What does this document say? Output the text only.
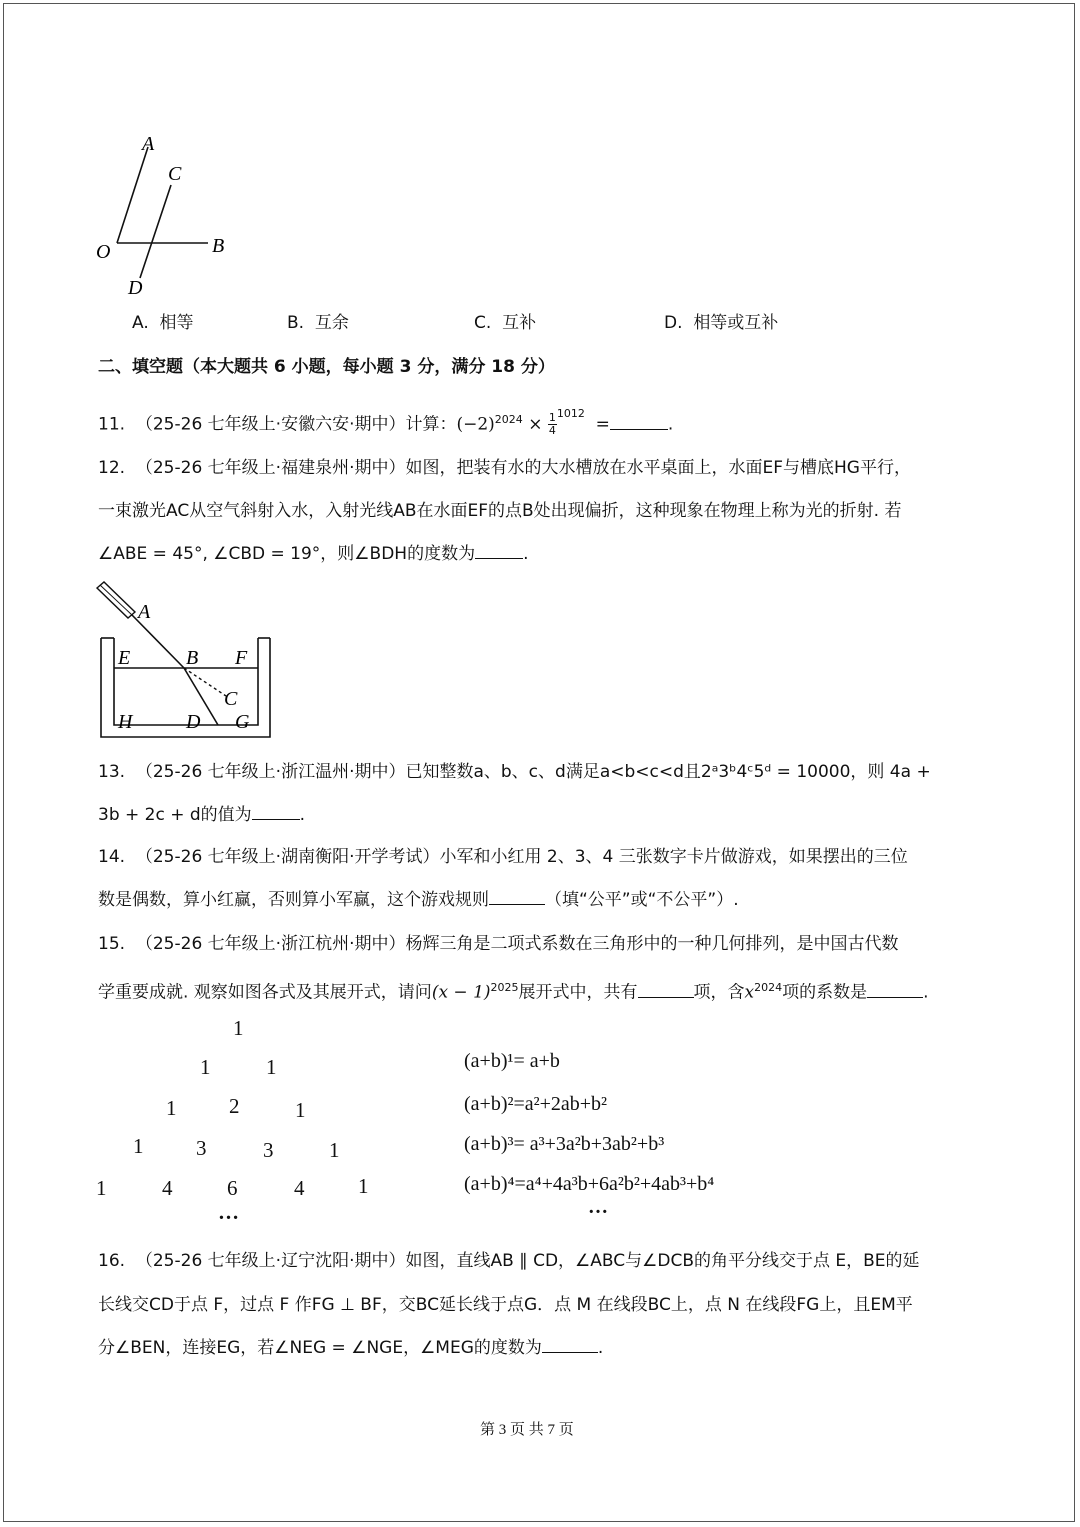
A
C
O	B
D
A. 相等	B. 互余	C. 互补	D. 相等或互补
二、填空题（本大题共 6 小题，每小题 3 分，满分 18 分）
11. （25-26 七年级上·安徽六安·期中）计算：$(-2)^{2024} \times \frac{1}{4} ^{1012}$  =	.
12. （25-26 七年级上·福建泉州·期中）如图，把装有水的大水槽放在水平桌面上，水面EF与槽底HG平行，
一束激光AC从空气斜射入水，入射光线AB在水面EF的点B处出现偏折，这种现象在物理上称为光的折射. 若
∠ABE = 45°, ∠CBD = 19°，则∠BDH的度数为	.
A
E	B F
C
H	D G
13. （25-26 七年级上·浙江温州·期中）已知整数a、b、c、d满足a<b<c<d且2ᵃ3ᵇ4ᶜ5ᵈ = 10000，则 4a +
3b + 2c + d的值为	.
14. （25-26 七年级上·湖南衡阳·开学考试）小军和小红用 2、3、4 三张数字卡片做游戏，如果摆出的三位
数是偶数，算小红赢，否则算小军赢，这个游戏规则	（填“公平”或“不公平”）.
15. （25-26 七年级上·浙江杭州·期中）杨辉三角是二项式系数在三角形中的一种几何排列，是中国古代数
学重要成就. 观察如图各式及其展开式，请问$(x - 1)^{2025}$展开式中，共有	项，含$x^{2024}$项的系数是	.
1
1	1
1	2	1
1	3	3	1
1	4	6	4	1
…
(a+b)¹= a+b
(a+b)²=a²+2ab+b²
(a+b)³= a³+3a²b+3ab²+b³
(a+b)⁴=a⁴+4a³b+6a²b²+4ab³+b⁴
…
16. （25-26 七年级上·辽宁沈阳·期中）如图，直线AB ∥ CD，∠ABC与∠DCB的角平分线交于点 E，BE的延
长线交CD于点 F，过点 F 作FG ⊥ BF，交BC延长线于点G．点 M 在线段BC上，点 N 在线段FG上，且EM平
分∠BEN，连接EG，若∠NEG = ∠NGE，∠MEG的度数为	.
第 3 页 共 7 页
